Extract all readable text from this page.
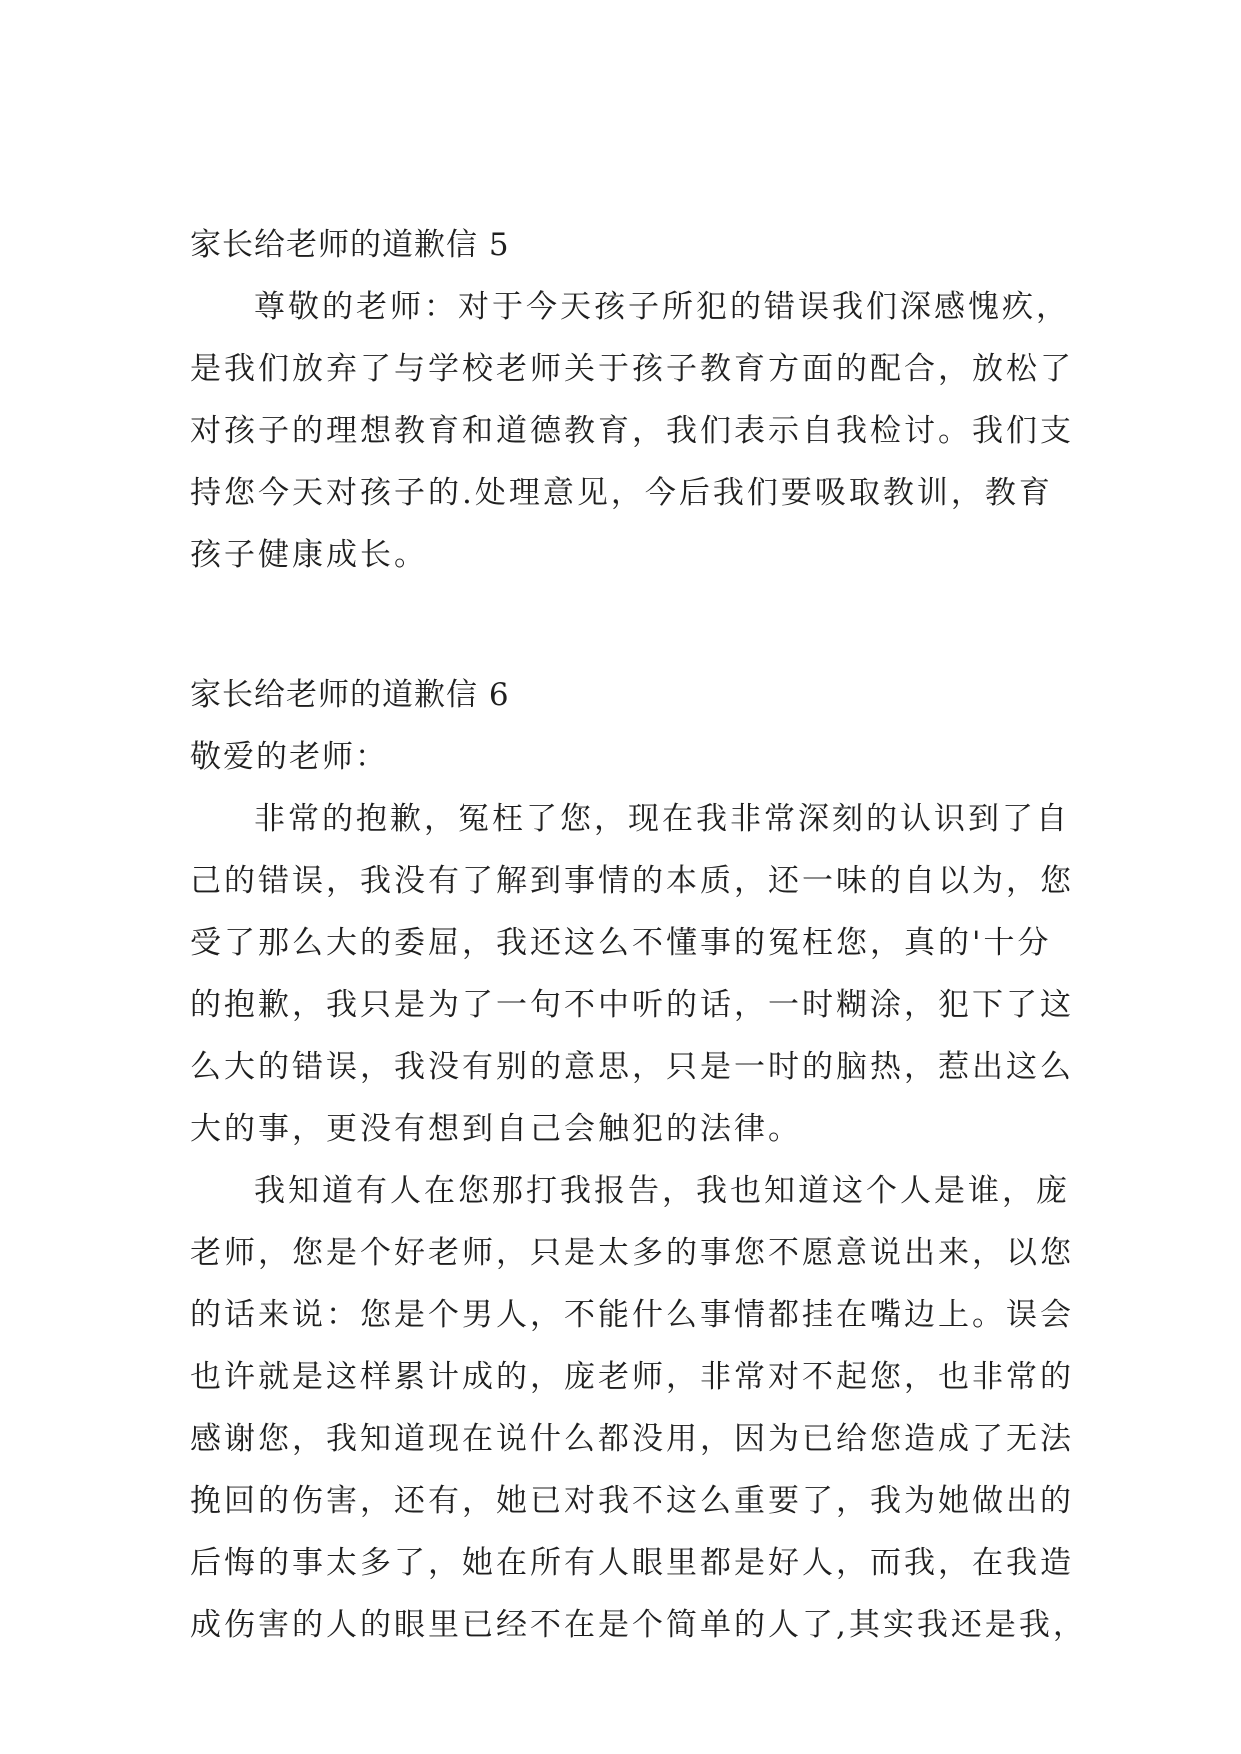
家长给老师的道歉信 5
尊敬的老师：对于今天孩子所犯的错误我们深感愧疚，
是我们放弃了与学校老师关于孩子教育方面的配合，放松了
对孩子的理想教育和道德教育，我们表示自我检讨。我们支
持您今天对孩子的.处理意见，今后我们要吸取教训，教育
孩子健康成长。
家长给老师的道歉信 6
敬爱的老师：
非常的抱歉，冤枉了您，现在我非常深刻的认识到了自
己的错误，我没有了解到事情的本质，还一味的自以为，您
受了那么大的委屈，我还这么不懂事的冤枉您，真的'十分
的抱歉，我只是为了一句不中听的话，一时糊涂，犯下了这
么大的错误，我没有别的意思，只是一时的脑热，惹出这么
大的事，更没有想到自己会触犯的法律。
我知道有人在您那打我报告，我也知道这个人是谁，庞
老师，您是个好老师，只是太多的事您不愿意说出来，以您
的话来说：您是个男人，不能什么事情都挂在嘴边上。误会
也许就是这样累计成的，庞老师，非常对不起您，也非常的
感谢您，我知道现在说什么都没用，因为已给您造成了无法
挽回的伤害，还有，她已对我不这么重要了，我为她做出的
后悔的事太多了，她在所有人眼里都是好人，而我，在我造
成伤害的人的眼里已经不在是个简单的人了,其实我还是我，
